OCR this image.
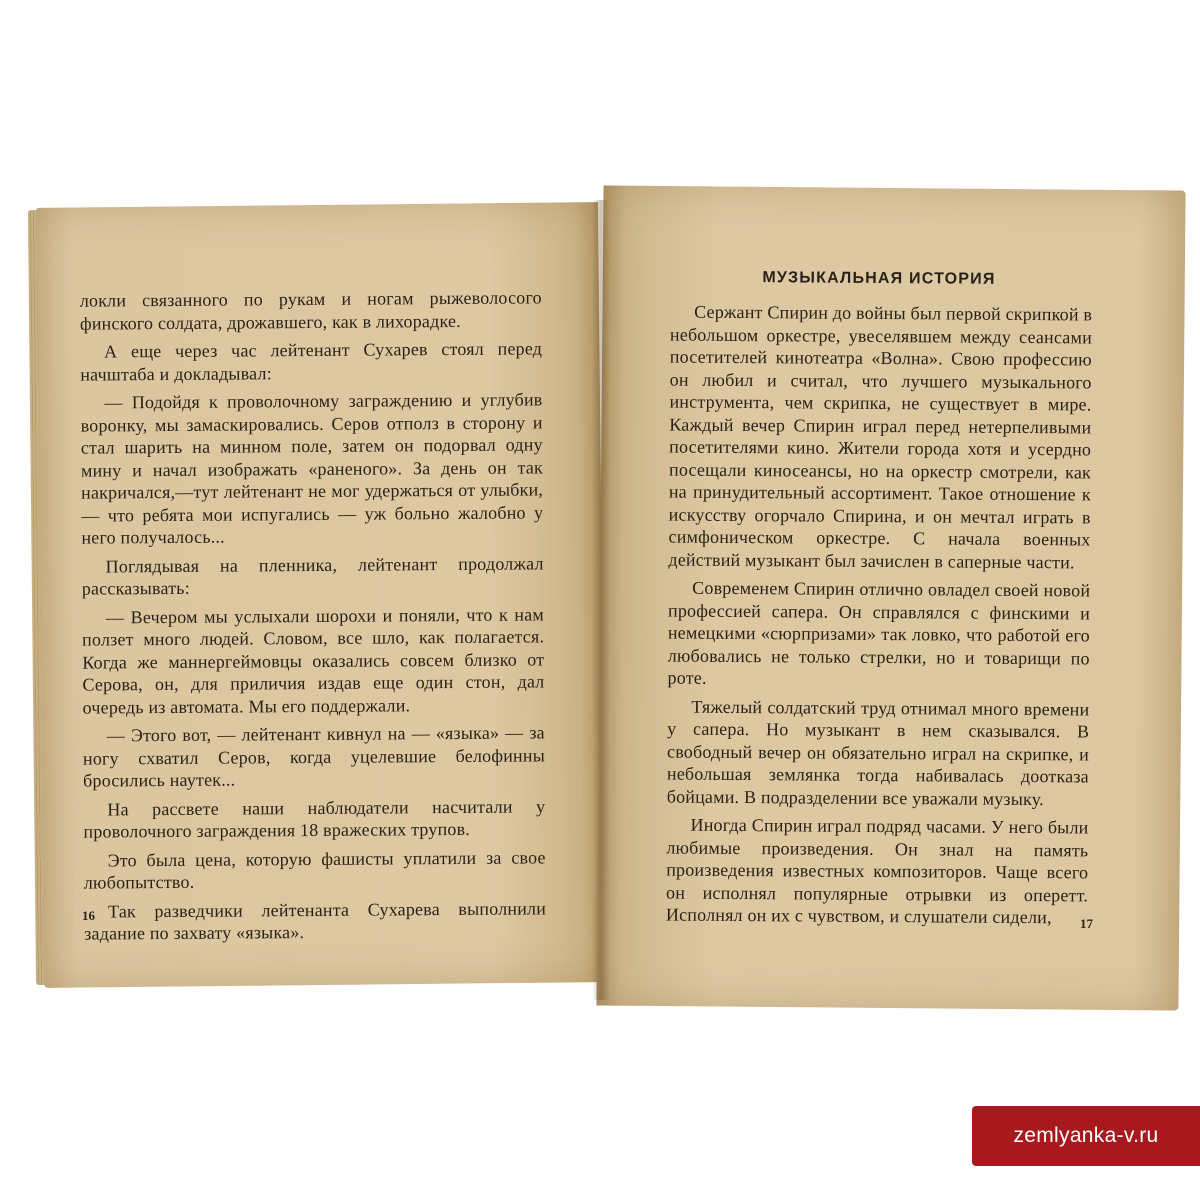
локли связанного по рукам и ногам рыжеволосого финского солдата, дрожавшего, как в лихорадке.

А еще через час лейтенант Сухарев стоял перед начштаба и докладывал:

— Подойдя к проволочному заграждению и углубив воронку, мы замаскировались. Серов отполз в сторону и стал шарить на минном поле, затем он подорвал одну мину и начал изображать «раненого». За день он так накричался,—тут лейтенант не мог удержаться от улыбки, — что ребята мои испугались — уж больно жалобно у него получалось...

Поглядывая на пленника, лейтенант продолжал рассказывать:

— Вечером мы услыхали шорохи и поняли, что к нам ползет много людей. Словом, все шло, как полагается. Когда же маннергеймовцы оказались совсем близко от Серова, он, для приличия издав еще один стон, дал очередь из автомата. Мы его поддержали.

— Этого вот, — лейтенант кивнул на — «языка» — за ногу схватил Серов, когда уцелевшие белофинны бросились наутек...

На рассвете наши наблюдатели насчитали у проволочного заграждения 18 вражеских трупов.

Это была цена, которую фашисты уплатили за свое любопытство.

Так разведчики лейтенанта Сухарева выполнили задание по захвату «языка».

16
МУЗЫКАЛЬНАЯ ИСТОРИЯ

Сержант Спирин до войны был первой скрипкой в небольшом оркестре, увеселявшем между сеансами посетителей кинотеатра «Волна». Свою профессию он любил и считал, что лучшего музыкального инструмента, чем скрипка, не существует в мире. Каждый вечер Спирин играл перед нетерпеливыми посетителями кино. Жители города хотя и усердно посещали киносеансы, но на оркестр смотрели, как на принудительный ассортимент. Такое отношение к искусству огорчало Спирина, и он мечтал играть в симфоническом оркестре. С начала военных действий музыкант был зачислен в саперные части.

Современем Спирин отлично овладел своей новой профессией сапера. Он справлялся с финскими и немецкими «сюрпризами» так ловко, что работой его любовались не только стрелки, но и товарищи по роте.

Тяжелый солдатский труд отнимал много времени у сапера. Но музыкант в нем сказывался. В свободный вечер он обязательно играл на скрипке, и небольшая землянка тогда набивалась доотказа бойцами. В подразделении все уважали музыку.

Иногда Спирин играл подряд часами. У него были любимые произведения. Он знал на память произведения известных композиторов. Чаще всего он исполнял популярные отрывки из оперетт. Исполнял он их с чувством, и слушатели сидели,	17
zemlyanka-v.ru
